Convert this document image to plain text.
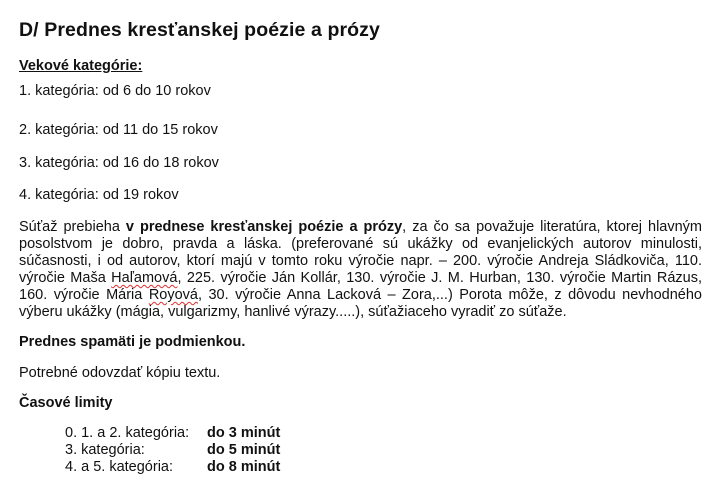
D/ Prednes kresťanskej poézie a prózy
Vekové kategórie:
1. kategória: od 6 do 10 rokov
2. kategória: od 11 do 15 rokov
3. kategória: od 16 do 18 rokov
4. kategória: od 19 rokov
Súťaž prebieha v prednese kresťanskej poézie a prózy, za čo sa považuje literatúra, ktorej hlavným
posolstvom je dobro, pravda a láska. (preferované sú ukážky od evanjelických autorov minulosti,
súčasnosti, i od autorov, ktorí majú v tomto roku výročie napr. – 200. výročie Andreja Sládkoviča, 110.
výročie Maša Haľamová, 225. výročie Ján Kollár, 130. výročie J. M. Hurban, 130. výročie Martin Rázus,
160. výročie Mária Royová, 30. výročie Anna Lacková – Zora,...) Porota môže, z dôvodu nevhodného
výberu ukážky (mágia, vulgarizmy, hanlivé výrazy.....), súťažiaceho vyradiť zo súťaže.
Prednes spamäti je podmienkou.
Potrebné odovzdať kópiu textu.
Časové limity
0. 1. a 2. kategória: do 3 minút
3. kategória:	do 5 minút
4. a 5. kategória: do 8 minút
